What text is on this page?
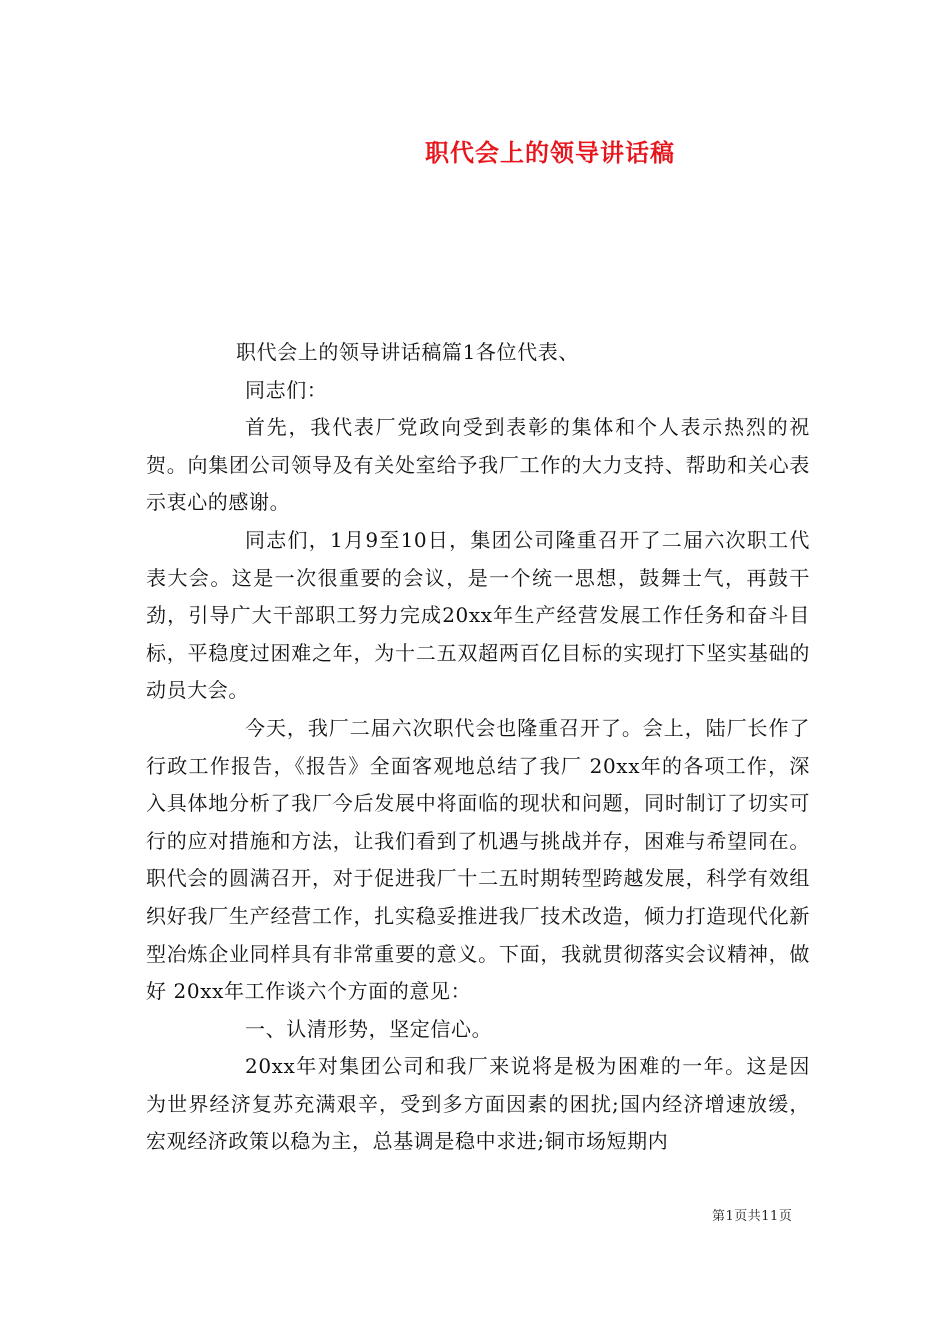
职代会上的领导讲话稿

职代会上的领导讲话稿篇1各位代表、

同志们：

首先，我代表厂党政向受到表彰的集体和个人表示热烈的祝贺。向集团公司领导及有关处室给予我厂工作的大力支持、帮助和关心表示衷心的感谢。

同志们，1月9至10日，集团公司隆重召开了二届六次职工代表大会。这是一次很重要的会议，是一个统一思想，鼓舞士气，再鼓干劲，引导广大干部职工努力完成20xx年生产经营发展工作任务和奋斗目标，平稳度过困难之年，为十二五双超两百亿目标的实现打下坚实基础的动员大会。

今天，我厂二届六次职代会也隆重召开了。会上，陆厂长作了行政工作报告，《报告》全面客观地总结了我厂 20xx年的各项工作，深入具体地分析了我厂今后发展中将面临的现状和问题，同时制订了切实可行的应对措施和方法，让我们看到了机遇与挑战并存，困难与希望同在。职代会的圆满召开，对于促进我厂十二五时期转型跨越发展，科学有效组织好我厂生产经营工作，扎实稳妥推进我厂技术改造，倾力打造现代化新型冶炼企业同样具有非常重要的意义。下面，我就贯彻落实会议精神，做好 20xx年工作谈六个方面的意见：

一、认清形势，坚定信心。

20xx年对集团公司和我厂来说将是极为困难的一年。这是因为世界经济复苏充满艰辛，受到多方面因素的困扰;国内经济增速放缓，宏观经济政策以稳为主，总基调是稳中求进;铜市场短期内

第1页共11页
